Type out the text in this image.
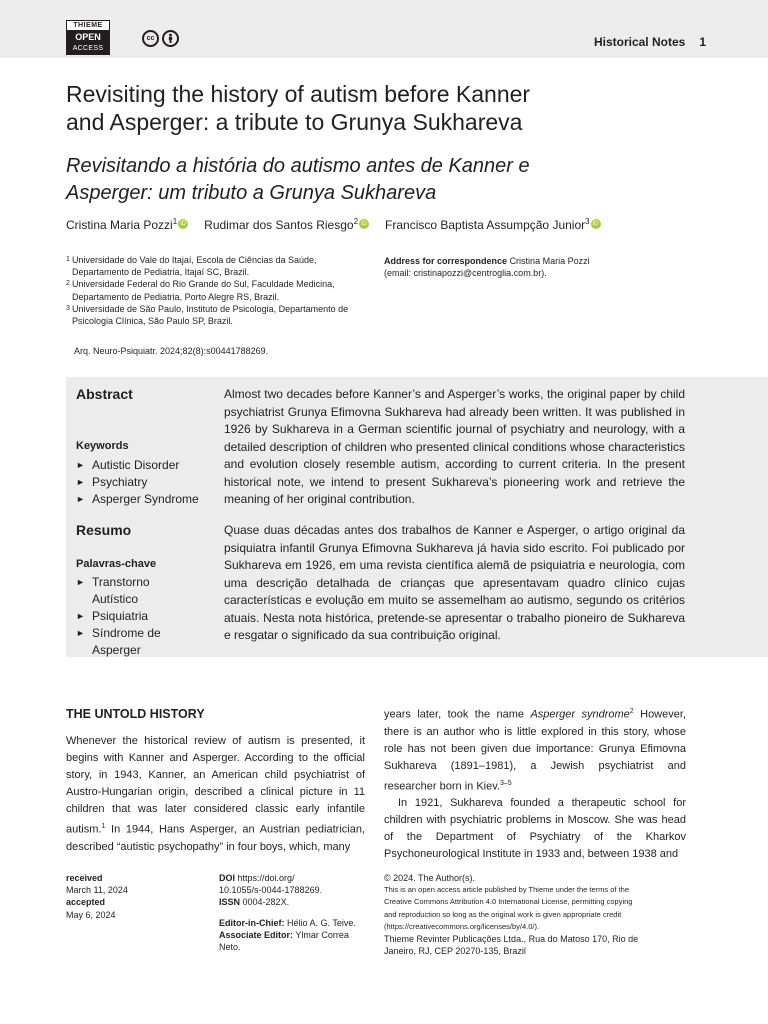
THIEME
OPEN
ACCESS
cc	Historical Notes 1
Revisiting the history of autism before Kanner
and Asperger: a tribute to Grunya Sukhareva
Revisitando a história do autismo antes de Kanner e
Asperger: um tributo a Grunya Sukhareva
Cristina Maria Pozzi$^1$ iD Rudimar dos Santos Riesgo$^2$ iD Francisco Baptista Assumpção Junior$^3$ iD
1 Universidade do Vale do Itajaí, Escola de Ciências da Saúde,
Departamento de Pediatria, Itajaí SC, Brazil.
2 Universidade Federal do Rio Grande do Sul, Faculdade Medicina,
Departamento de Pediatria, Porto Alegre RS, Brazil.
3 Universidade de São Paulo, Instituto de Psicologia, Departamento de
Psicologia Clínica, São Paulo SP, Brazil.
Address for correspondence Cristina Maria Pozzi
(email: cristinapozzi@centroglia.com.br).
Arq. Neuro-Psiquiatr. 2024;82(8):s00441788269.
Abstract
Keywords
► Autistic Disorder
► Psychiatry
► Asperger Syndrome
Almost two decades before Kanner’s and Asperger’s works, the original paper by child psychiatrist Grunya Efimovna Sukhareva had already been written. It was published in 1926 by Sukhareva in a German scientific journal of psychiatry and neurology, with a detailed description of children who presented clinical conditions whose characteristics and evolution closely resemble autism, according to current criteria. In the present historical note, we intend to present Sukhareva’s pioneering work and retrieve the meaning of her original contribution.
Resumo
Palavras-chave
► Transtorno Autístico
► Psiquiatria
► Síndrome de Asperger
Quase duas décadas antes dos trabalhos de Kanner e Asperger, o artigo original da psiquiatra infantil Grunya Efimovna Sukhareva já havia sido escrito. Foi publicado por Sukhareva em 1926, em uma revista científica alemã de psiquiatria e neurologia, com uma descrição detalhada de crianças que apresentavam quadro clínico cujas características e evolução em muito se assemelham ao autismo, segundo os critérios atuais. Nesta nota histórica, pretende-se apresentar o trabalho pioneiro de Sukhareva e resgatar o significado da sua contribuição original.
THE UNTOLD HISTORY

Whenever the historical review of autism is presented, it begins with Kanner and Asperger. According to the official story, in 1943, Kanner, an American child psychiatrist of Austro-Hungarian origin, described a clinical picture in 11 children that was later considered classic early infantile autism.$^1$ In 1944, Hans Asperger, an Austrian pediatrician, described “autistic psychopathy” in four boys, which, many

years later, took the name Asperger syndrome$^2$ However, there is an author who is little explored in this story, whose role has not been given due importance: Grunya Efimovna Sukhareva (1891–1981), a Jewish psychiatrist and researcher born in Kiev.$^{3-5}$

In 1921, Sukhareva founded a therapeutic school for children with psychiatric problems in Moscow. She was head of the Department of Psychiatry of the Kharkov Psychoneurological Institute in 1933 and, between 1938 and

received
March 11, 2024
accepted
May 6, 2024
DOI https://doi.org/
10.1055/s-0044-1788269.
ISSN 0004-282X.
Editor-in-Chief: Hélio A. G. Teive.
Associate Editor: Ylmar Correa
Neto.
© 2024. The Author(s).
This is an open access article published by Thieme under the terms of the
Creative Commons Attribution 4.0 International License, permitting copying
and reproduction so long as the original work is given appropriate credit
(https://creativecommons.org/licenses/by/4.0/).
Thieme Revinter Publicações Ltda., Rua do Matoso 170, Rio de
Janeiro, RJ, CEP 20270-135, Brazil
